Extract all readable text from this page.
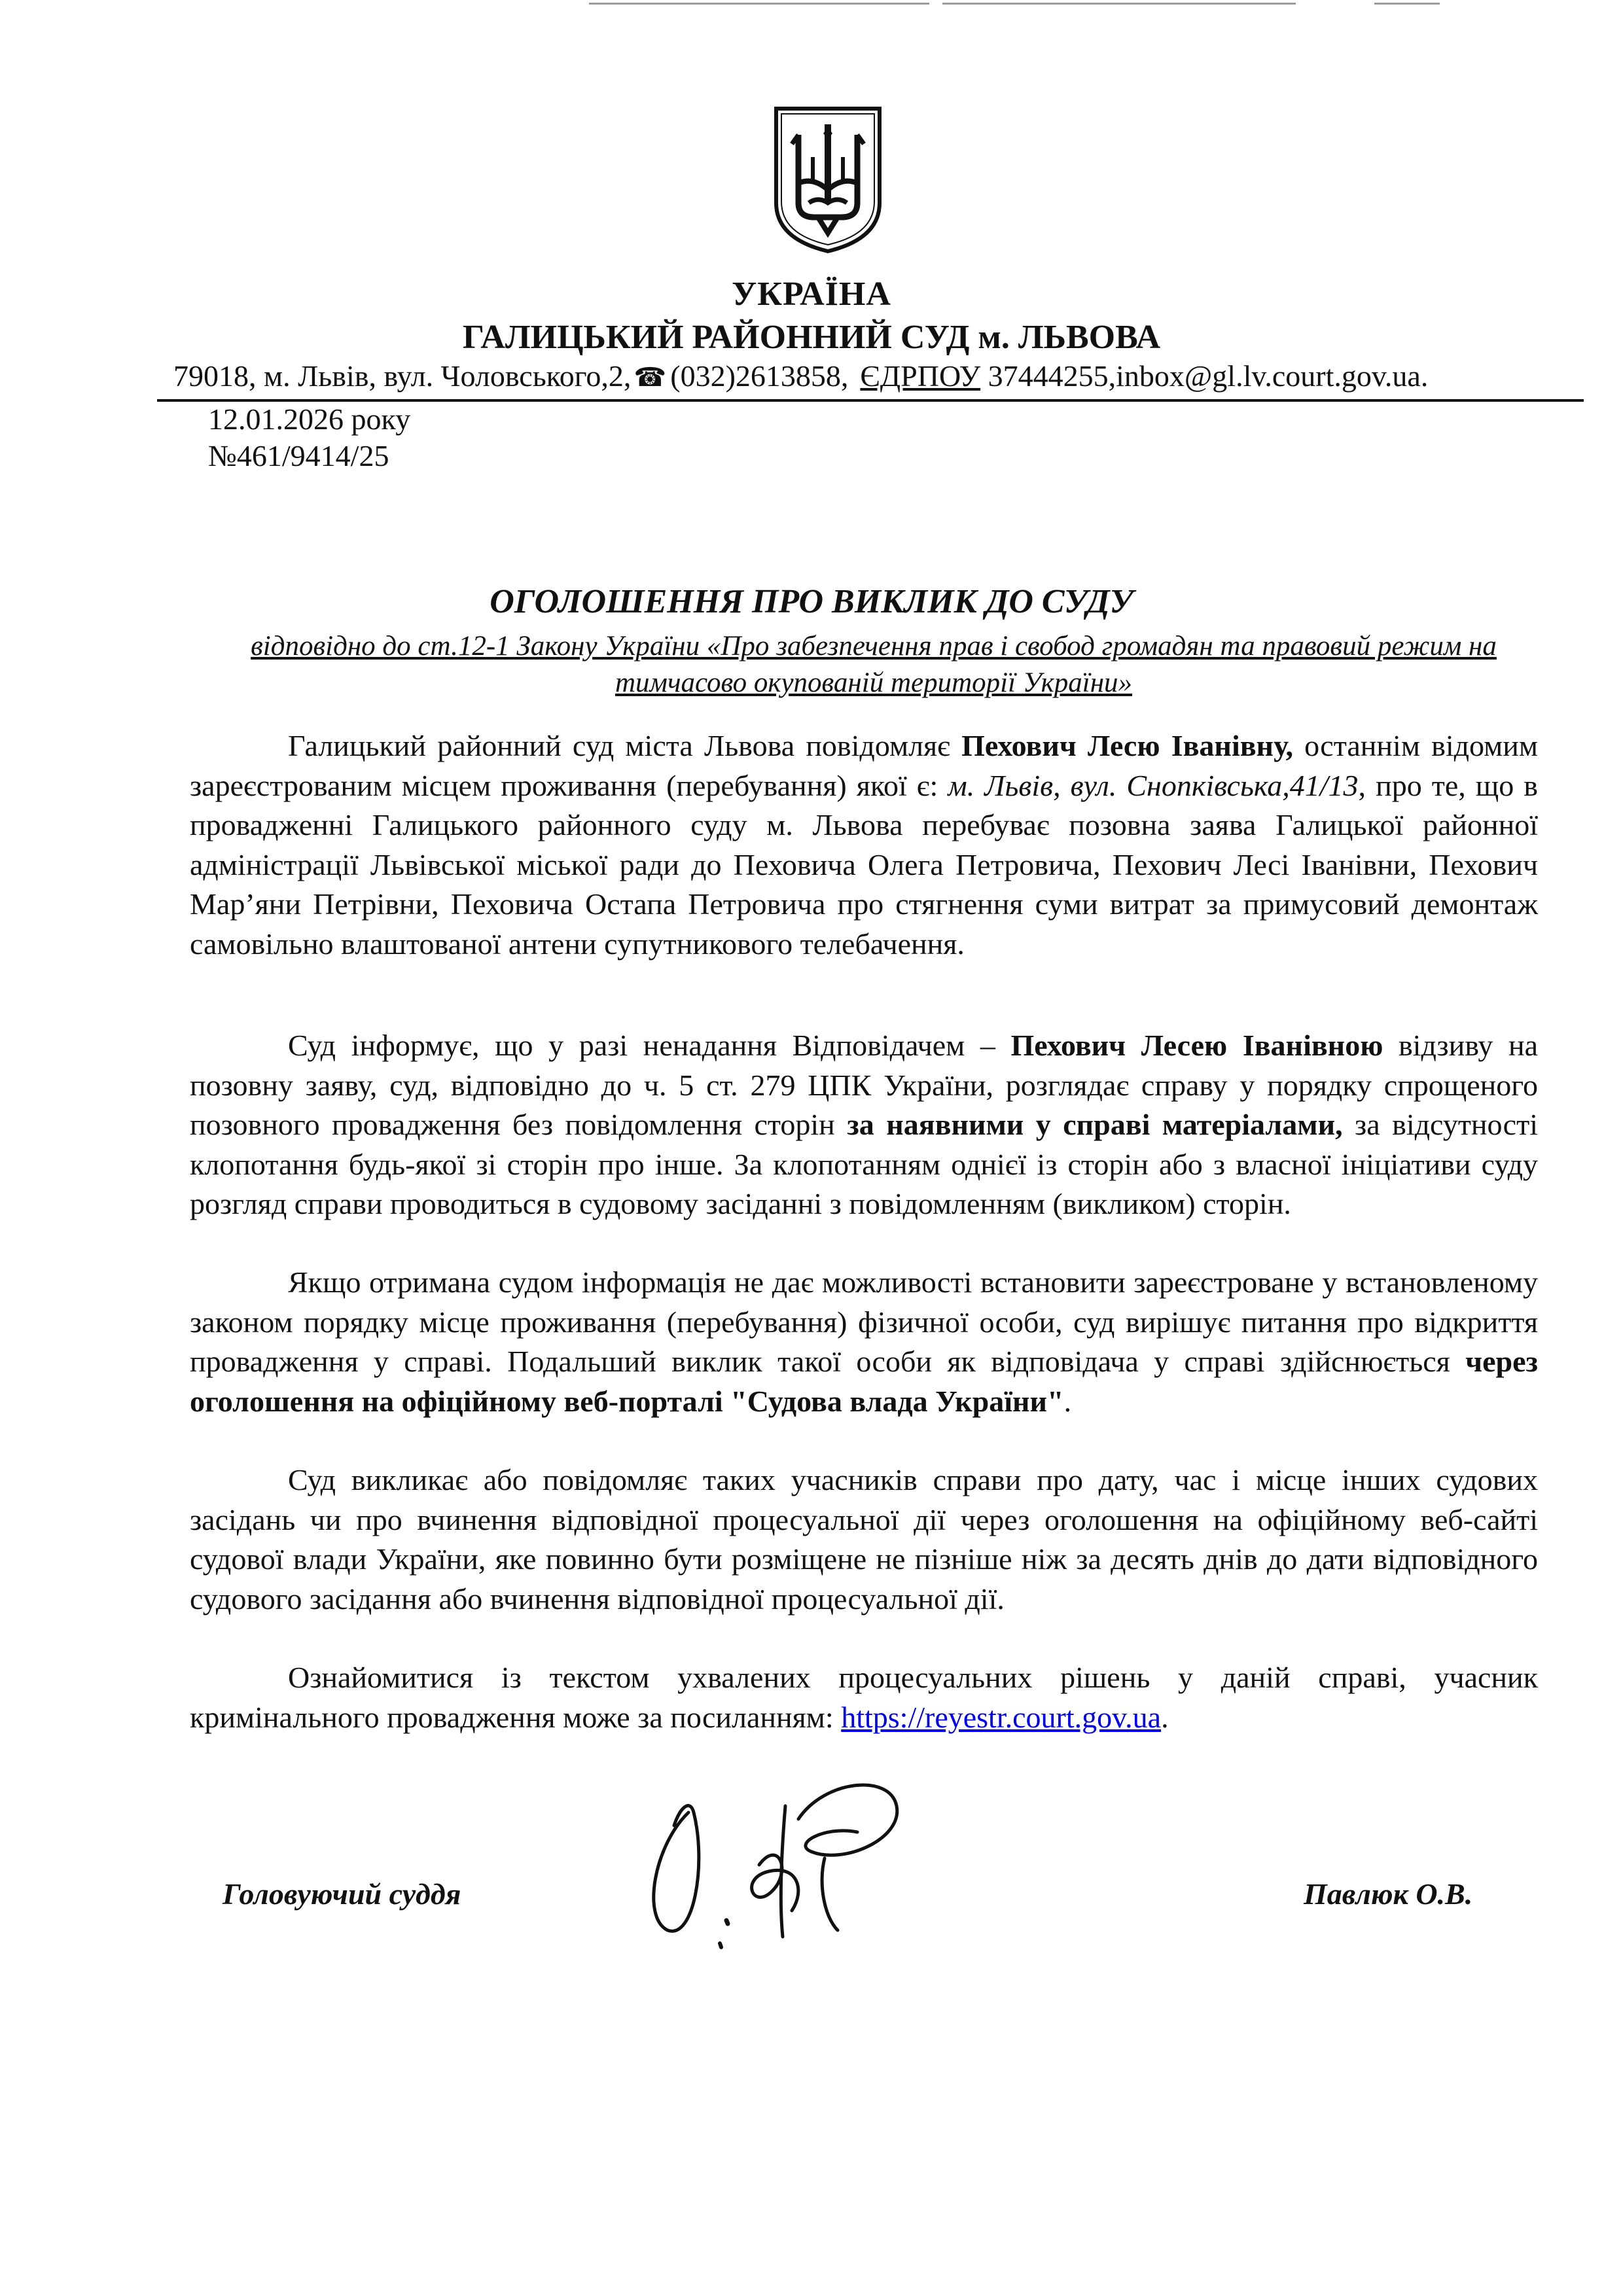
УКРАЇНА
ГАЛИЦЬКИЙ РАЙОННИЙ СУД м. ЛЬВОВА
79018, м. Львів, вул. Чоловського,2, ☎ (032)2613858, ЄДРПОУ 37444255,inbox@gl.lv.court.gov.ua.
12.01.2026 року
№461/9414/25
ОГОЛОШЕННЯ ПРО ВИКЛИК ДО СУДУ
відповідно до ст.12-1 Закону України «Про забезпечення прав і свобод громадян та правовий режим на тимчасово окупованій території України»

Галицький районний суд міста Львова повідомляє Пехович Лесю Іванівну, останнім відомим зареєстрованим місцем проживання (перебування) якої є: м. Львів, вул. Снопківська,41/13, про те, що в провадженні Галицького районного суду м. Львова перебуває позовна заява Галицької районної адміністрації Львівської міської ради до Пеховича Олега Петровича, Пехович Лесі Іванівни, Пехович Мар’яни Петрівни, Пеховича Остапа Петровича про стягнення суми витрат за примусовий демонтаж самовільно влаштованої антени супутникового телебачення.

Суд інформує, що у разі ненадання Відповідачем – Пехович Лесею Іванівною відзиву на позовну заяву, суд, відповідно до ч. 5 ст. 279 ЦПК України, розглядає справу у порядку спрощеного позовного провадження без повідомлення сторін за наявними у справі матеріалами, за відсутності клопотання будь-якої зі сторін про інше. За клопотанням однієї із сторін або з власної ініціативи суду розгляд справи проводиться в судовому засіданні з повідомленням (викликом) сторін.

Якщо отримана судом інформація не дає можливості встановити зареєстроване у встановленому законом порядку місце проживання (перебування) фізичної особи, суд вирішує питання про відкриття провадження у справі. Подальший виклик такої особи як відповідача у справі здійснюється через оголошення на офіційному веб-порталі "Судова влада України".

Суд викликає або повідомляє таких учасників справи про дату, час і місце інших судових засідань чи про вчинення відповідної процесуальної дії через оголошення на офіційному веб-сайті судової влади України, яке повинно бути розміщене не пізніше ніж за десять днів до дати відповідного судового засідання або вчинення відповідної процесуальної дії.

Ознайомитися із текстом ухвалених процесуальних рішень у даній справі, учасник кримінального провадження може за посиланням: https://reyestr.court.gov.ua.

Головуючий суддя	Павлюк О.В.
